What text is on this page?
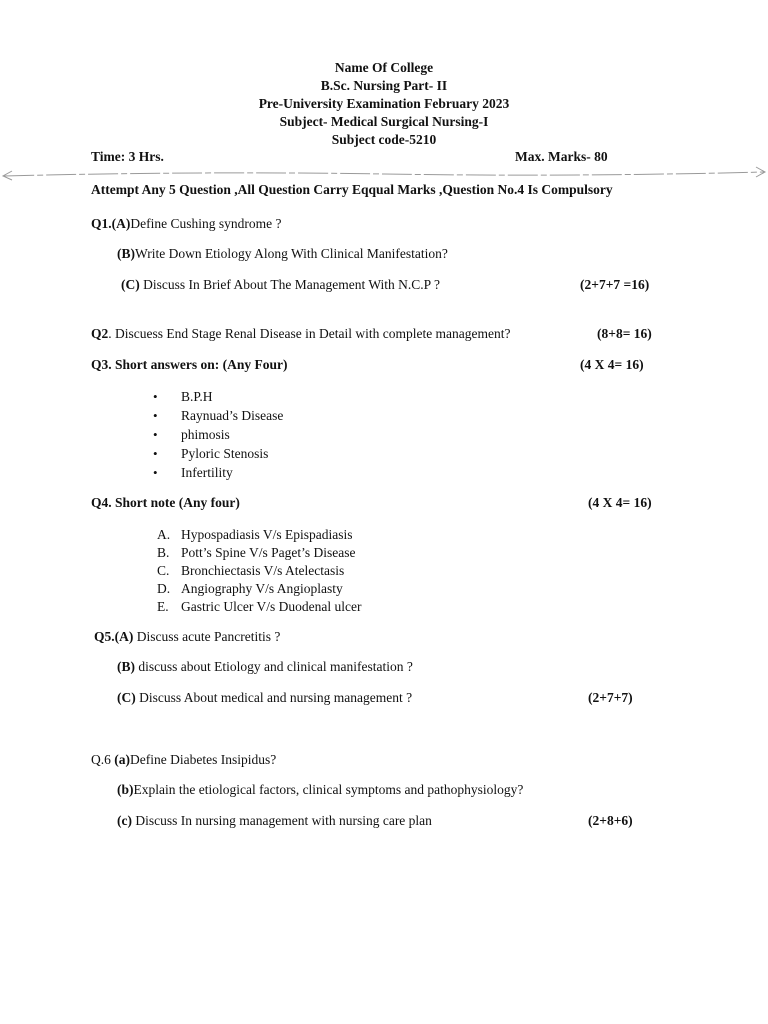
Name Of College
B.Sc. Nursing Part- II
Pre-University Examination February 2023
Subject- Medical Surgical Nursing-I
Subject code-5210
Time: 3 Hrs.	Max. Marks- 80
Attempt Any 5 Question ,All Question Carry Eqqual Marks ,Question No.4 Is Compulsory
Q1.(A)Define Cushing syndrome ?
(B)Write Down Etiology Along With Clinical Manifestation?
(C) Discuss In Brief About The Management With N.C.P ?	(2+7+7 =16)
Q2. Discuess End Stage Renal Disease in Detail with complete management?	(8+8= 16)
Q3. Short answers on: (Any Four)	(4 X 4= 16)
• B.P.H
• Raynuad’s Disease
• phimosis
• Pyloric Stenosis
• Infertility
Q4. Short note (Any four)	(4 X 4= 16)
A. Hypospadiasis V/s Epispadiasis
B. Pott’s Spine V/s Paget’s Disease
C. Bronchiectasis V/s Atelectasis
D. Angiography V/s Angioplasty
E. Gastric Ulcer V/s Duodenal ulcer
Q5.(A) Discuss acute Pancretitis ?
(B) discuss about Etiology and clinical manifestation ?
(C) Discuss About medical and nursing management ?	(2+7+7)
Q.6 (a)Define Diabetes Insipidus?
(b)Explain the etiological factors, clinical symptoms and pathophysiology?
(c) Discuss In nursing management with nursing care plan	(2+8+6)
